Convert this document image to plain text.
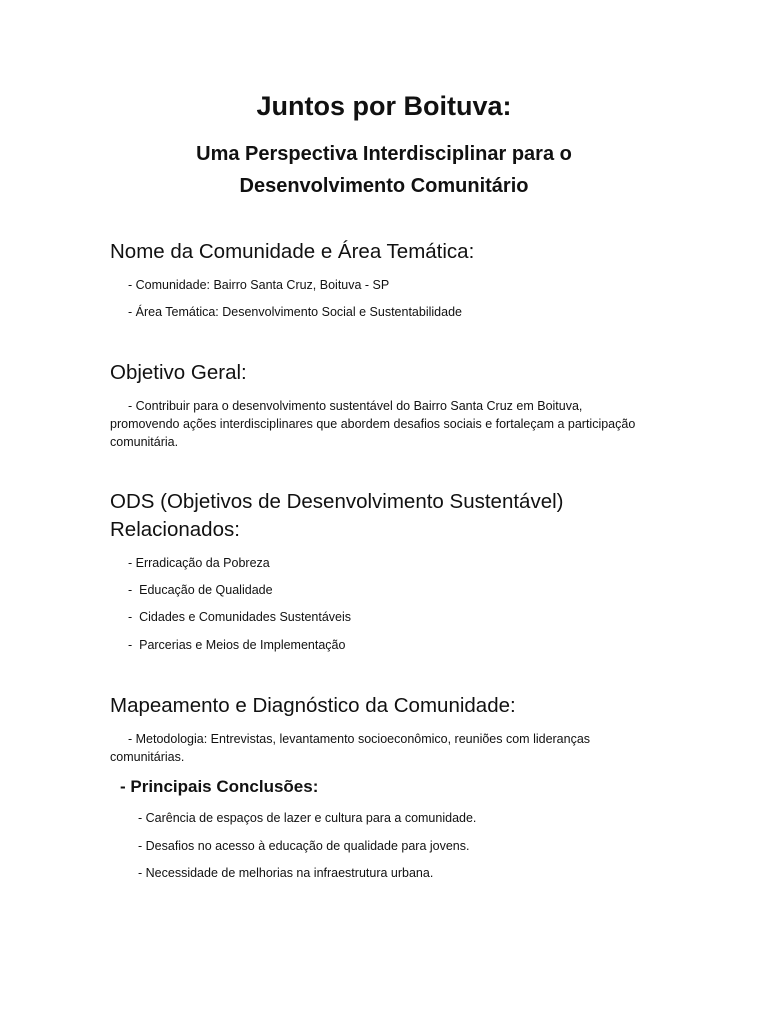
Juntos por Boituva:
Uma Perspectiva Interdisciplinar para o
Desenvolvimento Comunitário
Nome da Comunidade e Área Temática:

- Comunidade: Bairro Santa Cruz, Boituva - SP

- Área Temática: Desenvolvimento Social e Sustentabilidade

Objetivo Geral:
- Contribuir para o desenvolvimento sustentável do Bairro Santa Cruz em Boituva,
promovendo ações interdisciplinares que abordem desafios sociais e fortaleçam a participação
comunitária.
ODS (Objetivos de Desenvolvimento Sustentável)
Relacionados:

- Erradicação da Pobreza

-  Educação de Qualidade

-  Cidades e Comunidades Sustentáveis

-  Parcerias e Meios de Implementação

Mapeamento e Diagnóstico da Comunidade:
- Metodologia: Entrevistas, levantamento socioeconômico, reuniões com lideranças
comunitárias.
- Principais Conclusões:

- Carência de espaços de lazer e cultura para a comunidade.

- Desafios no acesso à educação de qualidade para jovens.

- Necessidade de melhorias na infraestrutura urbana.
